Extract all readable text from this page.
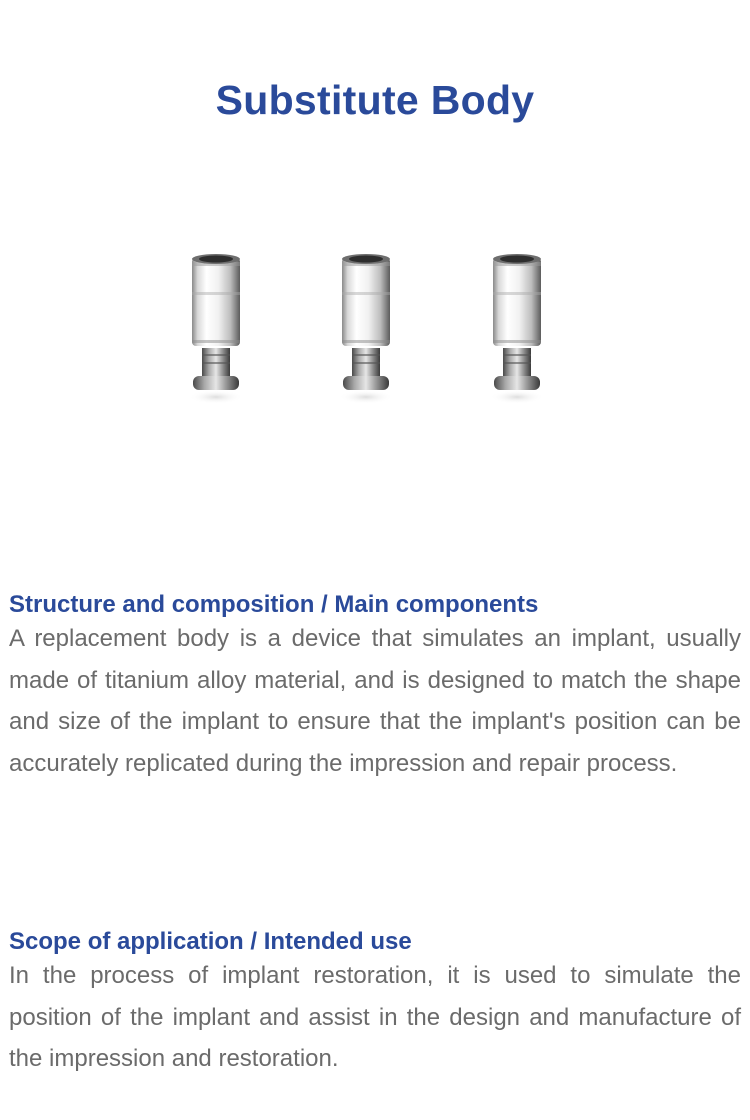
Substitute Body
Structure and composition / Main components

A replacement body is a device that simulates an implant, usually made of titanium alloy material, and is designed to match the shape and size of the implant to ensure that the implant's position can be accurately replicated during the impression and repair process.

Scope of application / Intended use

In the process of implant restoration, it is used to simulate the position of the implant and assist in the design and manufacture of the impression and restoration.
